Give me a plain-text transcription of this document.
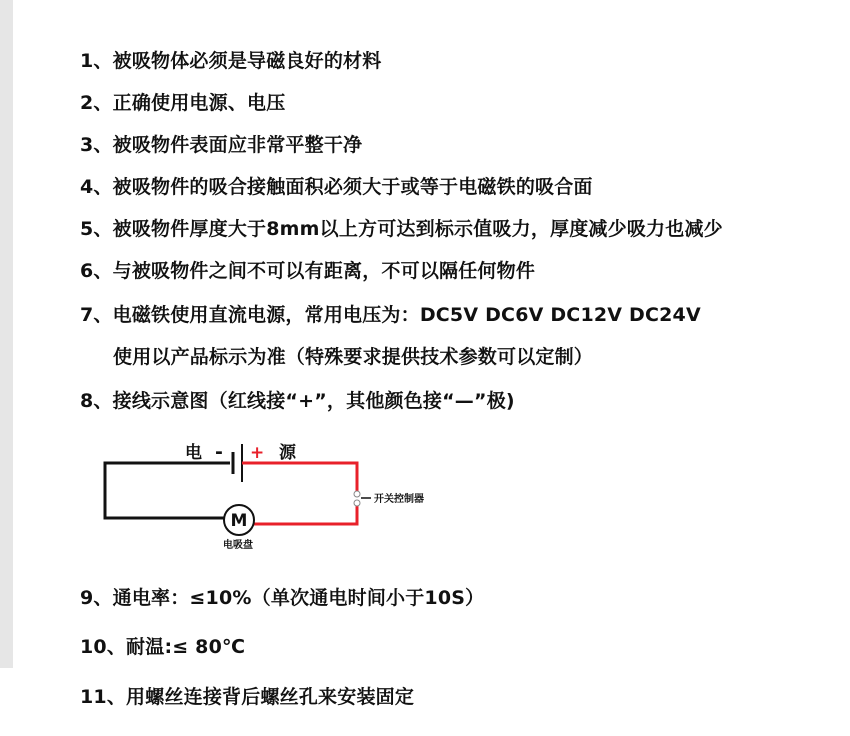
1、被吸物体必须是导磁良好的材料
2、正确使用电源、电压
3、被吸物件表面应非常平整干净
4、被吸物件的吸合接触面积必须大于或等于电磁铁的吸合面
5、被吸物件厚度大于8mm以上方可达到标示值吸力，厚度减少吸力也减少
6、与被吸物件之间不可以有距离，不可以隔任何物件
7、电磁铁使用直流电源，常用电压为：DC5V DC6V DC12V DC24V
使用以产品标示为准（特殊要求提供技术参数可以定制）
8、接线示意图（红线接“+”，其他颜色接“—”极)
M
电 - + 源
开关控制器
电吸盘
9、通电率：≤10%（单次通电时间小于10S）
10、耐温:≤ 80℃
11、用螺丝连接背后螺丝孔来安装固定
